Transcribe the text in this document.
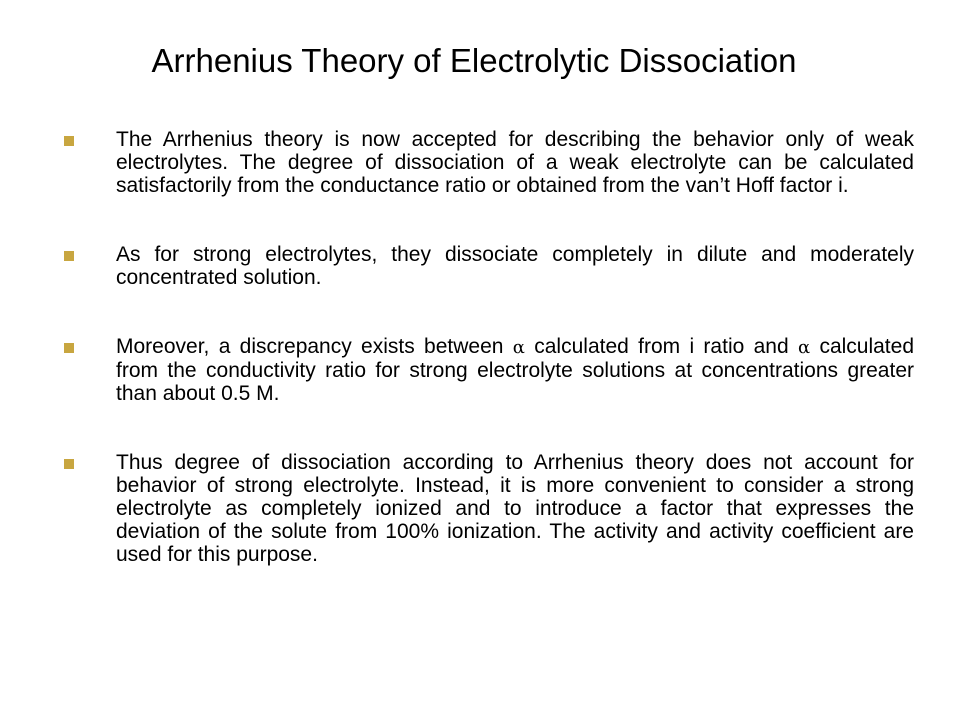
Arrhenius Theory of Electrolytic Dissociation
The Arrhenius theory is now accepted for describing the behavior only of weak electrolytes. The degree of dissociation of a weak electrolyte can be calculated satisfactorily from the conductance ratio or obtained from the van’t Hoff factor i.
As for strong electrolytes, they dissociate completely in dilute and moderately concentrated solution.
Moreover, a discrepancy exists between α calculated from i ratio and α calculated from the conductivity ratio for strong electrolyte solutions at concentrations greater than about 0.5 M.
Thus degree of dissociation according to Arrhenius theory does not account for behavior of strong electrolyte. Instead, it is more convenient to consider a strong electrolyte as completely ionized and to introduce a factor that expresses the deviation of the solute from 100% ionization. The activity and activity coefficient are used for this purpose.
